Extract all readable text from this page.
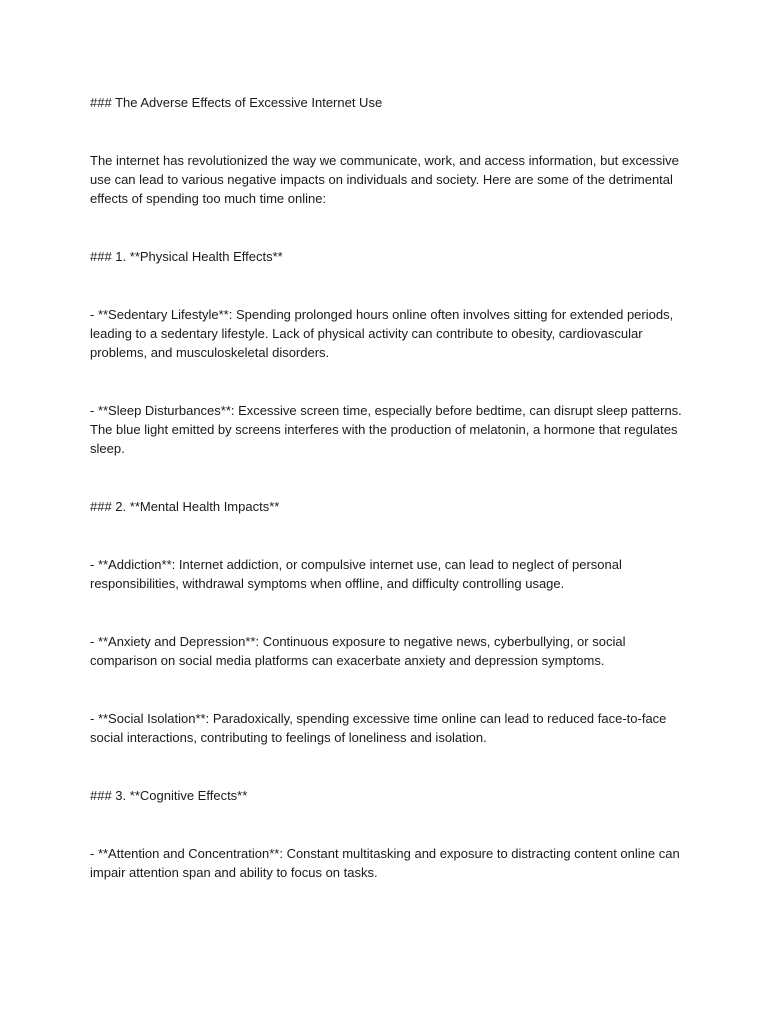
### The Adverse Effects of Excessive Internet Use

The internet has revolutionized the way we communicate, work, and access information, but excessive use can lead to various negative impacts on individuals and society. Here are some of the detrimental effects of spending too much time online:

### 1. **Physical Health Effects**

- **Sedentary Lifestyle**: Spending prolonged hours online often involves sitting for extended periods, leading to a sedentary lifestyle. Lack of physical activity can contribute to obesity, cardiovascular problems, and musculoskeletal disorders.

- **Sleep Disturbances**: Excessive screen time, especially before bedtime, can disrupt sleep patterns. The blue light emitted by screens interferes with the production of melatonin, a hormone that regulates sleep.

### 2. **Mental Health Impacts**

- **Addiction**: Internet addiction, or compulsive internet use, can lead to neglect of personal responsibilities, withdrawal symptoms when offline, and difficulty controlling usage.

- **Anxiety and Depression**: Continuous exposure to negative news, cyberbullying, or social comparison on social media platforms can exacerbate anxiety and depression symptoms.

- **Social Isolation**: Paradoxically, spending excessive time online can lead to reduced face-to-face social interactions, contributing to feelings of loneliness and isolation.

### 3. **Cognitive Effects**

- **Attention and Concentration**: Constant multitasking and exposure to distracting content online can impair attention span and ability to focus on tasks.
